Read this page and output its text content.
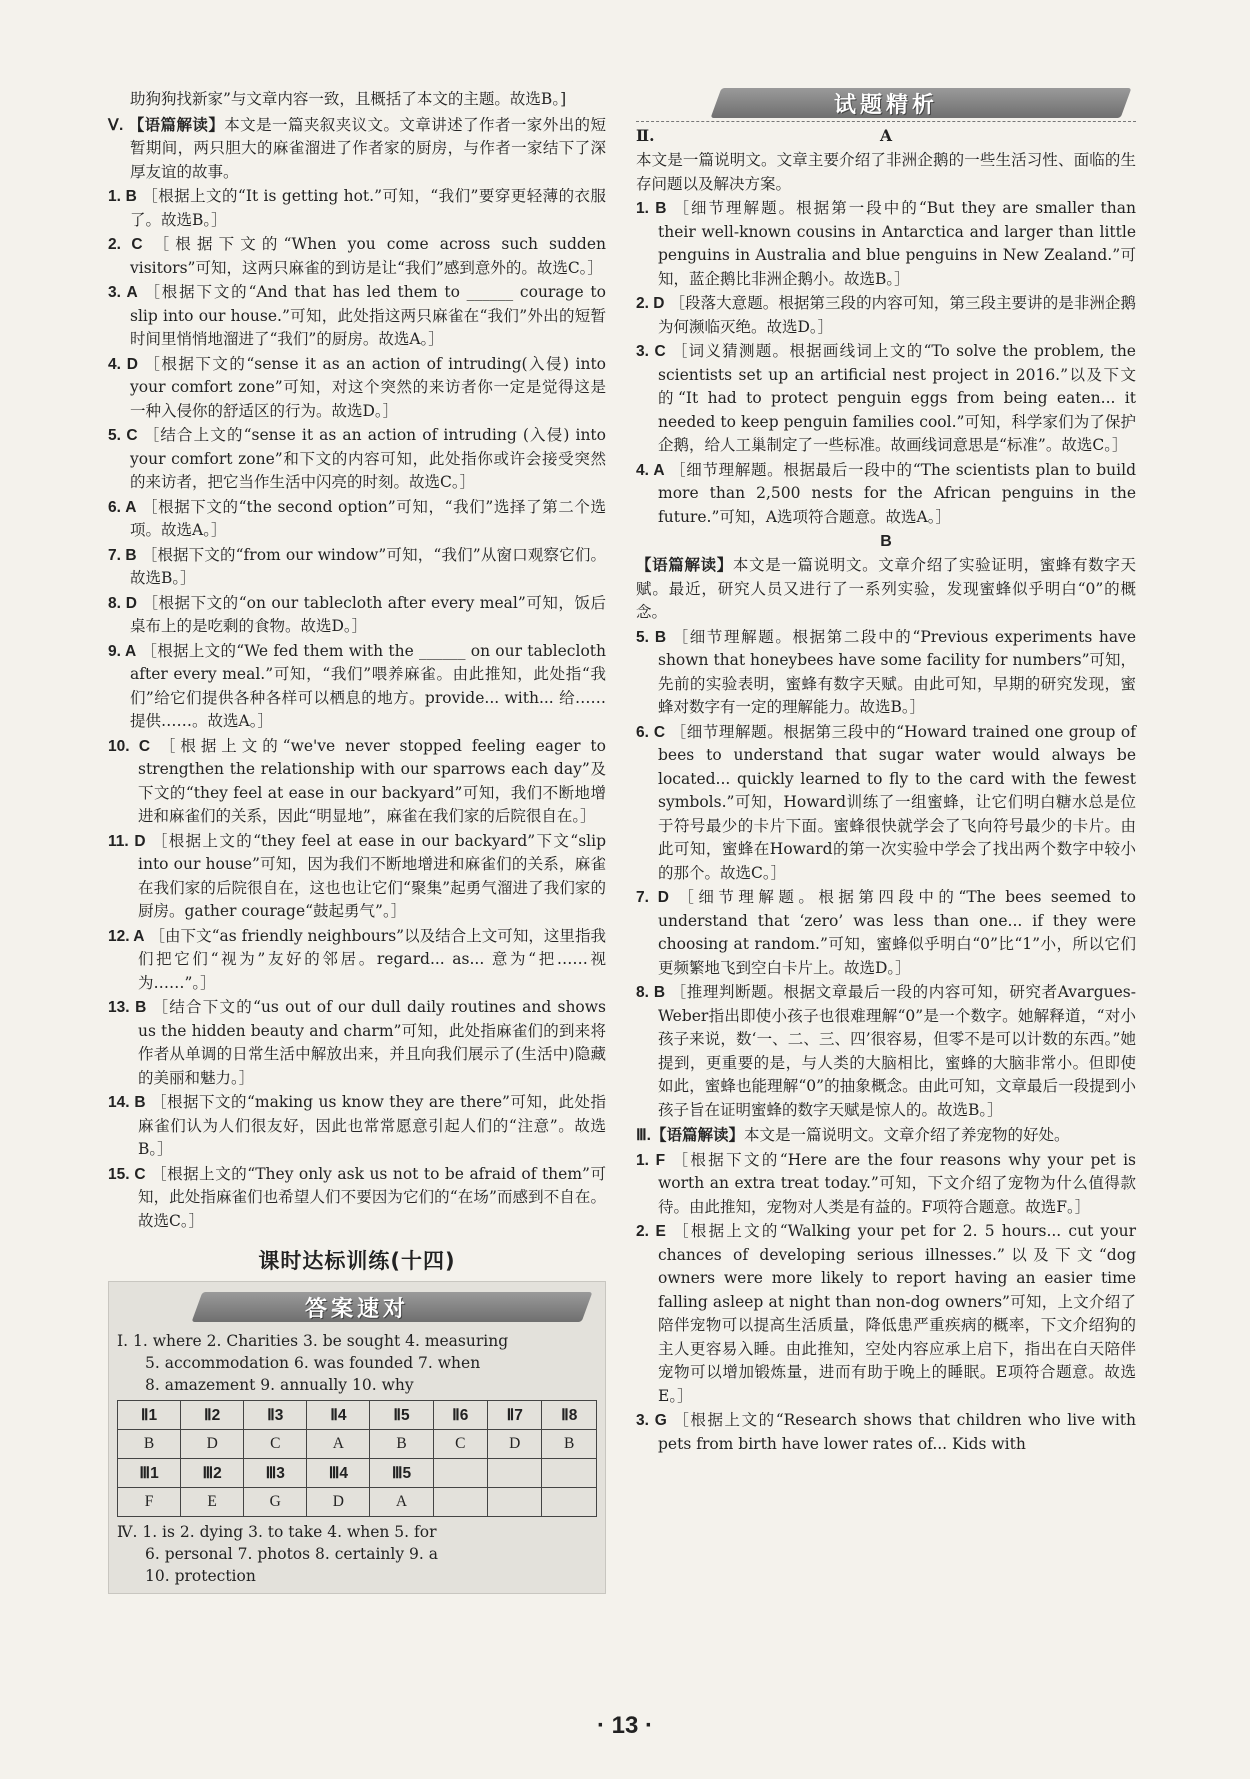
助狗狗找新家”与文章内容一致，且概括了本文的主题。故选B。]

Ⅴ. 【语篇解读】本文是一篇夹叙夹议文。文章讲述了作者一家外出的短暂期间，两只胆大的麻雀溜进了作者家的厨房，与作者一家结下了深厚友谊的故事。

1. B ［根据上文的“It is getting hot.”可知，“我们”要穿更轻薄的衣服了。故选B。］

2. C ［根据下文的“When you come across such sudden visitors”可知，这两只麻雀的到访是让“我们”感到意外的。故选C。］

3. A ［根据下文的“And that has led them to ______ courage to slip into our house.”可知，此处指这两只麻雀在“我们”外出的短暂时间里悄悄地溜进了“我们”的厨房。故选A。］

4. D ［根据下文的“sense it as an action of intruding(入侵) into your comfort zone”可知，对这个突然的来访者你一定是觉得这是一种入侵你的舒适区的行为。故选D。］

5. C ［结合上文的“sense it as an action of intruding (入侵) into your comfort zone”和下文的内容可知，此处指你或许会接受突然的来访者，把它当作生活中闪亮的时刻。故选C。］

6. A ［根据下文的“the second option”可知，“我们”选择了第二个选项。故选A。］

7. B ［根据下文的“from our window”可知，“我们”从窗口观察它们。故选B。］

8. D ［根据下文的“on our tablecloth after every meal”可知，饭后桌布上的是吃剩的食物。故选D。］

9. A ［根据上文的“We fed them with the ______ on our tablecloth after every meal.”可知，“我们”喂养麻雀。由此推知，此处指“我们”给它们提供各种各样可以栖息的地方。provide... with... 给……提供……。故选A。］

10. C ［根据上文的“we've never stopped feeling eager to strengthen the relationship with our sparrows each day”及下文的“they feel at ease in our backyard”可知，我们不断地增进和麻雀们的关系，因此“明显地”，麻雀在我们家的后院很自在。］

11. D ［根据上文的“they feel at ease in our backyard”下文“slip into our house”可知，因为我们不断地增进和麻雀们的关系，麻雀在我们家的后院很自在，这也也让它们“聚集”起勇气溜进了我们家的厨房。gather courage“鼓起勇气”。］

12. A ［由下文“as friendly neighbours”以及结合上文可知，这里指我们把它们“视为”友好的邻居。regard... as... 意为“把……视为……”。］

13. B ［结合下文的“us out of our dull daily routines and shows us the hidden beauty and charm”可知，此处指麻雀们的到来将作者从单调的日常生活中解放出来，并且向我们展示了(生活中)隐藏的美丽和魅力。］

14. B ［根据下文的“making us know they are there”可知，此处指麻雀们认为人们很友好，因此也常常愿意引起人们的“注意”。故选B。］

15. C ［根据上文的“They only ask us not to be afraid of them”可知，此处指麻雀们也希望人们不要因为它们的“在场”而感到不自在。故选C。］

课时达标训练(十四)
答案速对

Ⅰ. 1. where 2. Charities 3. be sought 4. measuring

5. accommodation 6. was founded 7. when

8. amazement 9. annually 10. why

Ⅱ1	Ⅱ2	Ⅱ3	Ⅱ4	Ⅱ5	Ⅱ6	Ⅱ7	Ⅱ8
B	D	C	A	B	C	D	B
Ⅲ1	Ⅲ2	Ⅲ3	Ⅲ4	Ⅲ5			
F	E	G	D	A			

Ⅳ. 1. is 2. dying 3. to take 4. when 5. for

6. personal 7. photos 8. certainly 9. a

10. protection

试题精析
Ⅱ.	A

本文是一篇说明文。文章主要介绍了非洲企鹅的一些生活习性、面临的生存问题以及解决方案。

1. B ［细节理解题。根据第一段中的“But they are smaller than their well-known cousins in Antarctica and larger than little penguins in Australia and blue penguins in New Zealand.”可知，蓝企鹅比非洲企鹅小。故选B。］

2. D ［段落大意题。根据第三段的内容可知，第三段主要讲的是非洲企鹅为何濒临灭绝。故选D。］

3. C ［词义猜测题。根据画线词上文的“To solve the problem, the scientists set up an artificial nest project in 2016.”以及下文的“It had to protect penguin eggs from being eaten... it needed to keep penguin families cool.”可知，科学家们为了保护企鹅，给人工巢制定了一些标准。故画线词意思是“标准”。故选C。］

4. A ［细节理解题。根据最后一段中的“The scientists plan to build more than 2,500 nests for the African penguins in the future.”可知，A选项符合题意。故选A。］

B

【语篇解读】本文是一篇说明文。文章介绍了实验证明，蜜蜂有数字天赋。最近，研究人员又进行了一系列实验，发现蜜蜂似乎明白“0”的概念。

5. B ［细节理解题。根据第二段中的“Previous experiments have shown that honeybees have some facility for numbers”可知，先前的实验表明，蜜蜂有数字天赋。由此可知，早期的研究发现，蜜蜂对数字有一定的理解能力。故选B。］

6. C ［细节理解题。根据第三段中的“Howard trained one group of bees to understand that sugar water would always be located... quickly learned to fly to the card with the fewest symbols.”可知，Howard训练了一组蜜蜂，让它们明白糖水总是位于符号最少的卡片下面。蜜蜂很快就学会了飞向符号最少的卡片。由此可知，蜜蜂在Howard的第一次实验中学会了找出两个数字中较小的那个。故选C。］

7. D ［细节理解题。根据第四段中的“The bees seemed to understand that ‘zero’ was less than one... if they were choosing at random.”可知，蜜蜂似乎明白“0”比“1”小，所以它们更频繁地飞到空白卡片上。故选D。］

8. B ［推理判断题。根据文章最后一段的内容可知，研究者Avargues-Weber指出即使小孩子也很难理解“0”是一个数字。她解释道，“对小孩子来说，数‘一、二、三、四’很容易，但零不是可以计数的东西。”她提到，更重要的是，与人类的大脑相比，蜜蜂的大脑非常小。但即使如此，蜜蜂也能理解“0”的抽象概念。由此可知，文章最后一段提到小孩子旨在证明蜜蜂的数字天赋是惊人的。故选B。］

Ⅲ.【语篇解读】本文是一篇说明文。文章介绍了养宠物的好处。

1. F ［根据下文的“Here are the four reasons why your pet is worth an extra treat today.”可知，下文介绍了宠物为什么值得款待。由此推知，宠物对人类是有益的。F项符合题意。故选F。］

2. E ［根据上文的“Walking your pet for 2. 5 hours... cut your chances of developing serious illnesses.”以及下文“dog owners were more likely to report having an easier time falling asleep at night than non-dog owners”可知，上文介绍了陪伴宠物可以提高生活质量，降低患严重疾病的概率，下文介绍狗的主人更容易入睡。由此推知，空处内容应承上启下，指出在白天陪伴宠物可以增加锻炼量，进而有助于晚上的睡眠。E项符合题意。故选E。］

3. G ［根据上文的“Research shows that children who live with pets from birth have lower rates of... Kids with

· 13 ·
